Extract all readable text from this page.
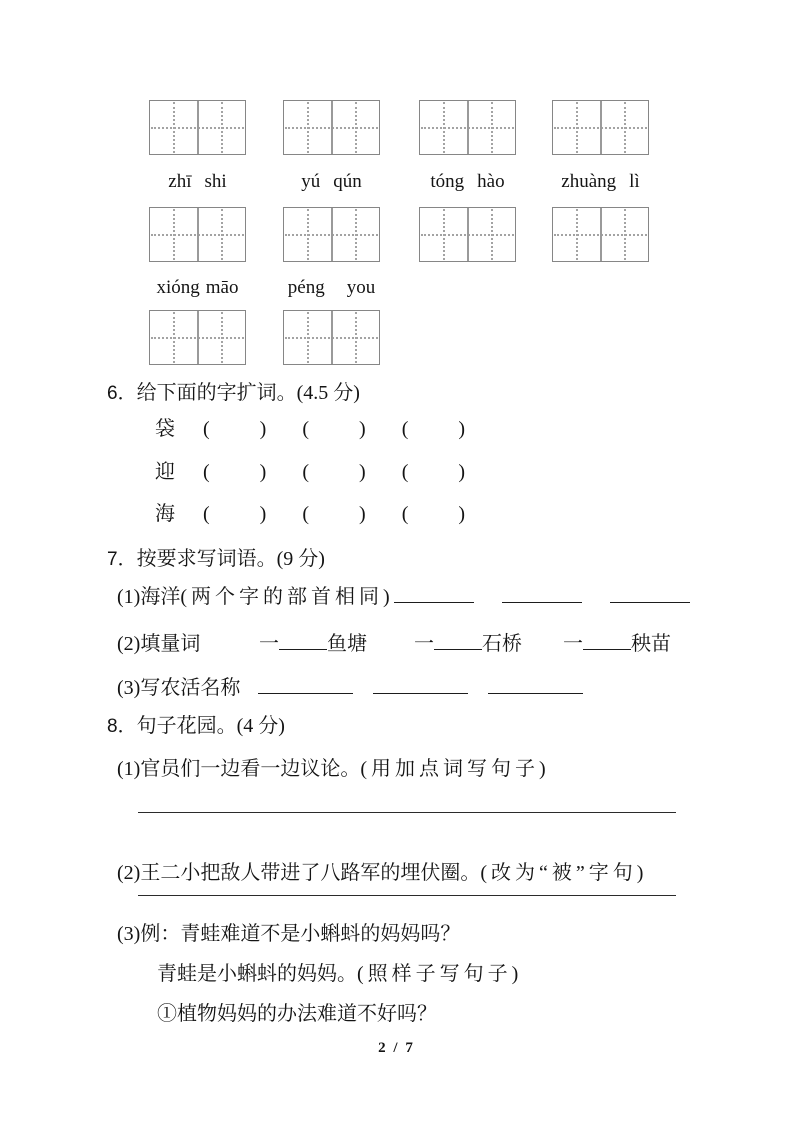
zhī shi	yú qún	tóng hào	zhuàng lì
xióng māo	péng you
6．给下面的字扩词。(4.5 分)
袋 (	) (	) (	)
迎 (	) (	) (	)
海 (	) (	) (	)
7．按要求写词语。(9 分)
(1)海洋(两个字的部首相同)
(2)填量词	一 鱼塘 一 石桥 一 秧苗
(3)写农活名称
8．句子花园。(4 分)
(1)官员们一边看一边议论。(用加点词写句子)
(2)王二小把敌人带进了八路军的埋伏圈。(改为“被”字句)
(3)例：青蛙难道不是小蝌蚪的妈妈吗？
青蛙是小蝌蚪的妈妈。(照样子写句子)
①植物妈妈的办法难道不好吗？
2 / 7
